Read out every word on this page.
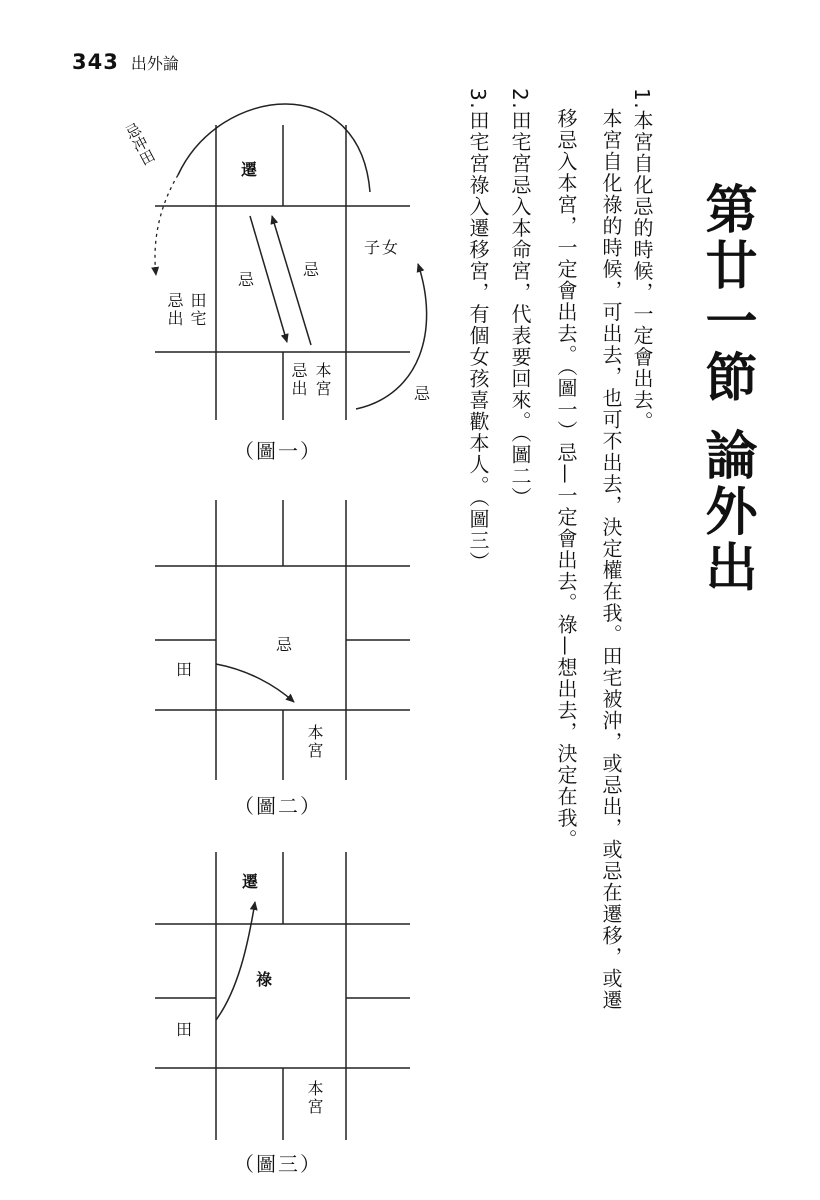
343 出外論
第廿一節 論外出
1.本宮自化忌的時候，一定會出去。
本宮自化祿的時候，可出去，也可不出去，決定權在我。田宅被沖，或忌出，或忌在遷移，或遷
移忌入本宮，一定會出去。（圖一）忌—一定會出去。祿—想出去，決定在我。
2.田宅宮忌入本命宮，代表要回來。（圖二）
3.田宅宮祿入遷移宮，有個女孩喜歡本人。（圖三）
遷
子女
忌
忌
田宅
忌出
本宮
忌出
忌冲田
忌
（圖一）
田
忌
本宮
（圖二）
遷
祿
田
本宮
（圖三）
